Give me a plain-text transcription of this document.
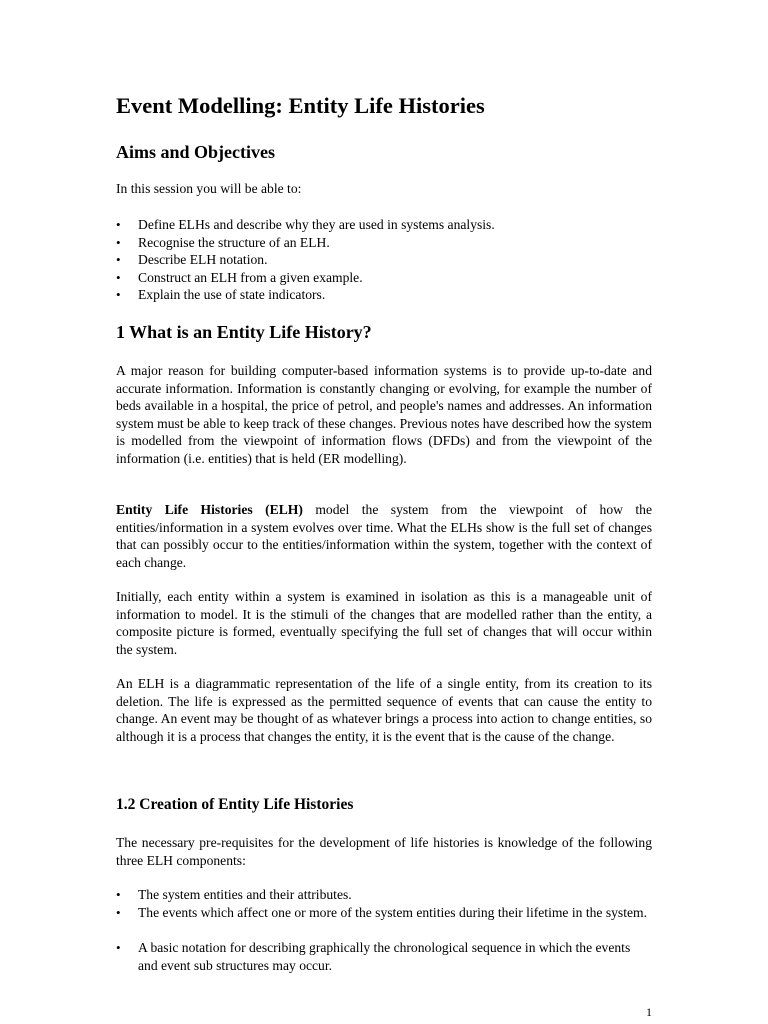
Event Modelling: Entity Life Histories
Aims and Objectives

In this session you will be able to:

•	Define ELHs and describe why they are used in systems analysis.
•	Recognise the structure of an ELH.
•	Describe ELH notation.
•	Construct an ELH from a given example.
•	Explain the use of state indicators.
1 What is an Entity Life History?

A major reason for building computer-based information systems is to provide up-to-date and accurate information. Information is constantly changing or evolving, for example the number of beds available in a hospital, the price of petrol, and people's names and addresses. An information system must be able to keep track of these changes. Previous notes have described how the system is modelled from the viewpoint of information flows (DFDs) and from the viewpoint of the information (i.e. entities) that is held (ER modelling).

Entity Life Histories (ELH) model the system from the viewpoint of how the entities/information in a system evolves over time. What the ELHs show is the full set of changes that can possibly occur to the entities/information within the system, together with the context of each change.

Initially, each entity within a system is examined in isolation as this is a manageable unit of information to model. It is the stimuli of the changes that are modelled rather than the entity, a composite picture is formed, eventually specifying the full set of changes that will occur within the system.

An ELH is a diagrammatic representation of the life of a single entity, from its creation to its deletion. The life is expressed as the permitted sequence of events that can cause the entity to change. An event may be thought of as whatever brings a process into action to change entities, so although it is a process that changes the entity, it is the event that is the cause of the change.

1.2 Creation of Entity Life Histories

The necessary pre-requisites for the development of life histories is knowledge of the following three ELH components:

•	The system entities and their attributes.
•	The events which affect one or more of the system entities during their lifetime in the system.
•	A basic notation for describing graphically the chronological sequence in which the events and event sub structures may occur.
1
